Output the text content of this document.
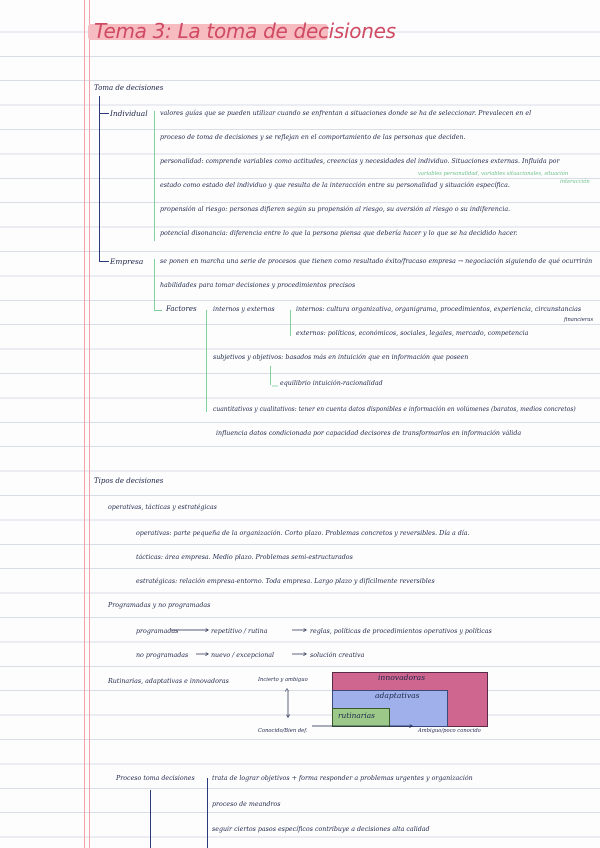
Tema 3: La toma de decisiones
Toma de decisiones
Individual valores guías que se pueden utilizar cuando se enfrentan a situaciones donde se ha de seleccionar. Prevalecen en el
proceso de toma de decisiones y se reflejan en el comportamiento de las personas que deciden.
personalidad: comprende variables como actitudes, creencias y necesidades del individuo. Situaciones externas. Influida por
variables personalidad, variables situacionales, situación
interacción
estado como estado del individuo y que resulta de la interacción entre su personalidad y situación específica.
propensión al riesgo: personas difieren según su propensión al riesgo, su aversión al riesgo o su indiferencia.
potencial disonancia: diferencia entre lo que la persona piensa que debería hacer y lo que se ha decidido hacer.
Empresa	se ponen en marcha una serie de procesos que tienen como resultado éxito/fracaso empresa → negociación siguiendo de qué ocurrirán
habilidades para tomar decisiones y procedimientos precisos
Factores	internos y externos	internos: cultura organizativa, organigrama, procedimientos, experiencia, circunstancias
financieras
externos: políticos, económicos, sociales, legales, mercado, competencia
subjetivos y objetivos: basados más en intuición que en información que poseen
equilibrio intuición-racionalidad
cuantitativos y cualitativos: tener en cuenta datos disponibles e información en volúmenes (baratos, medios concretos)
influencia datos condicionada por capacidad decisores de transformarlos en información válida
Tipos de decisiones
operativas, tácticas y estratégicas
operativas: parte pequeña de la organización. Corto plazo. Problemas concretos y reversibles. Día a día.
tácticas: área empresa. Medio plazo. Problemas semi-estructurados
estratégicas: relación empresa-entorno. Toda empresa. Largo plazo y difícilmente reversibles
Programadas y no programadas
programadas	repetitivo / rutina	reglas, políticas de procedimientos operativos y políticas
no programadas	nuevo / excepcional	solución creativa
Rutinarias, adaptativas e innovadoras	Incierto y ambiguo
Conocido/Bien def.	Ambiguo/poco conocido
innovadoras
adaptativas
rutinarias
Proceso toma decisiones	trata de lograr objetivos + forma responder a problemas urgentes y organización
proceso de meandros
seguir ciertos pasos específicos contribuye a decisiones alta calidad
